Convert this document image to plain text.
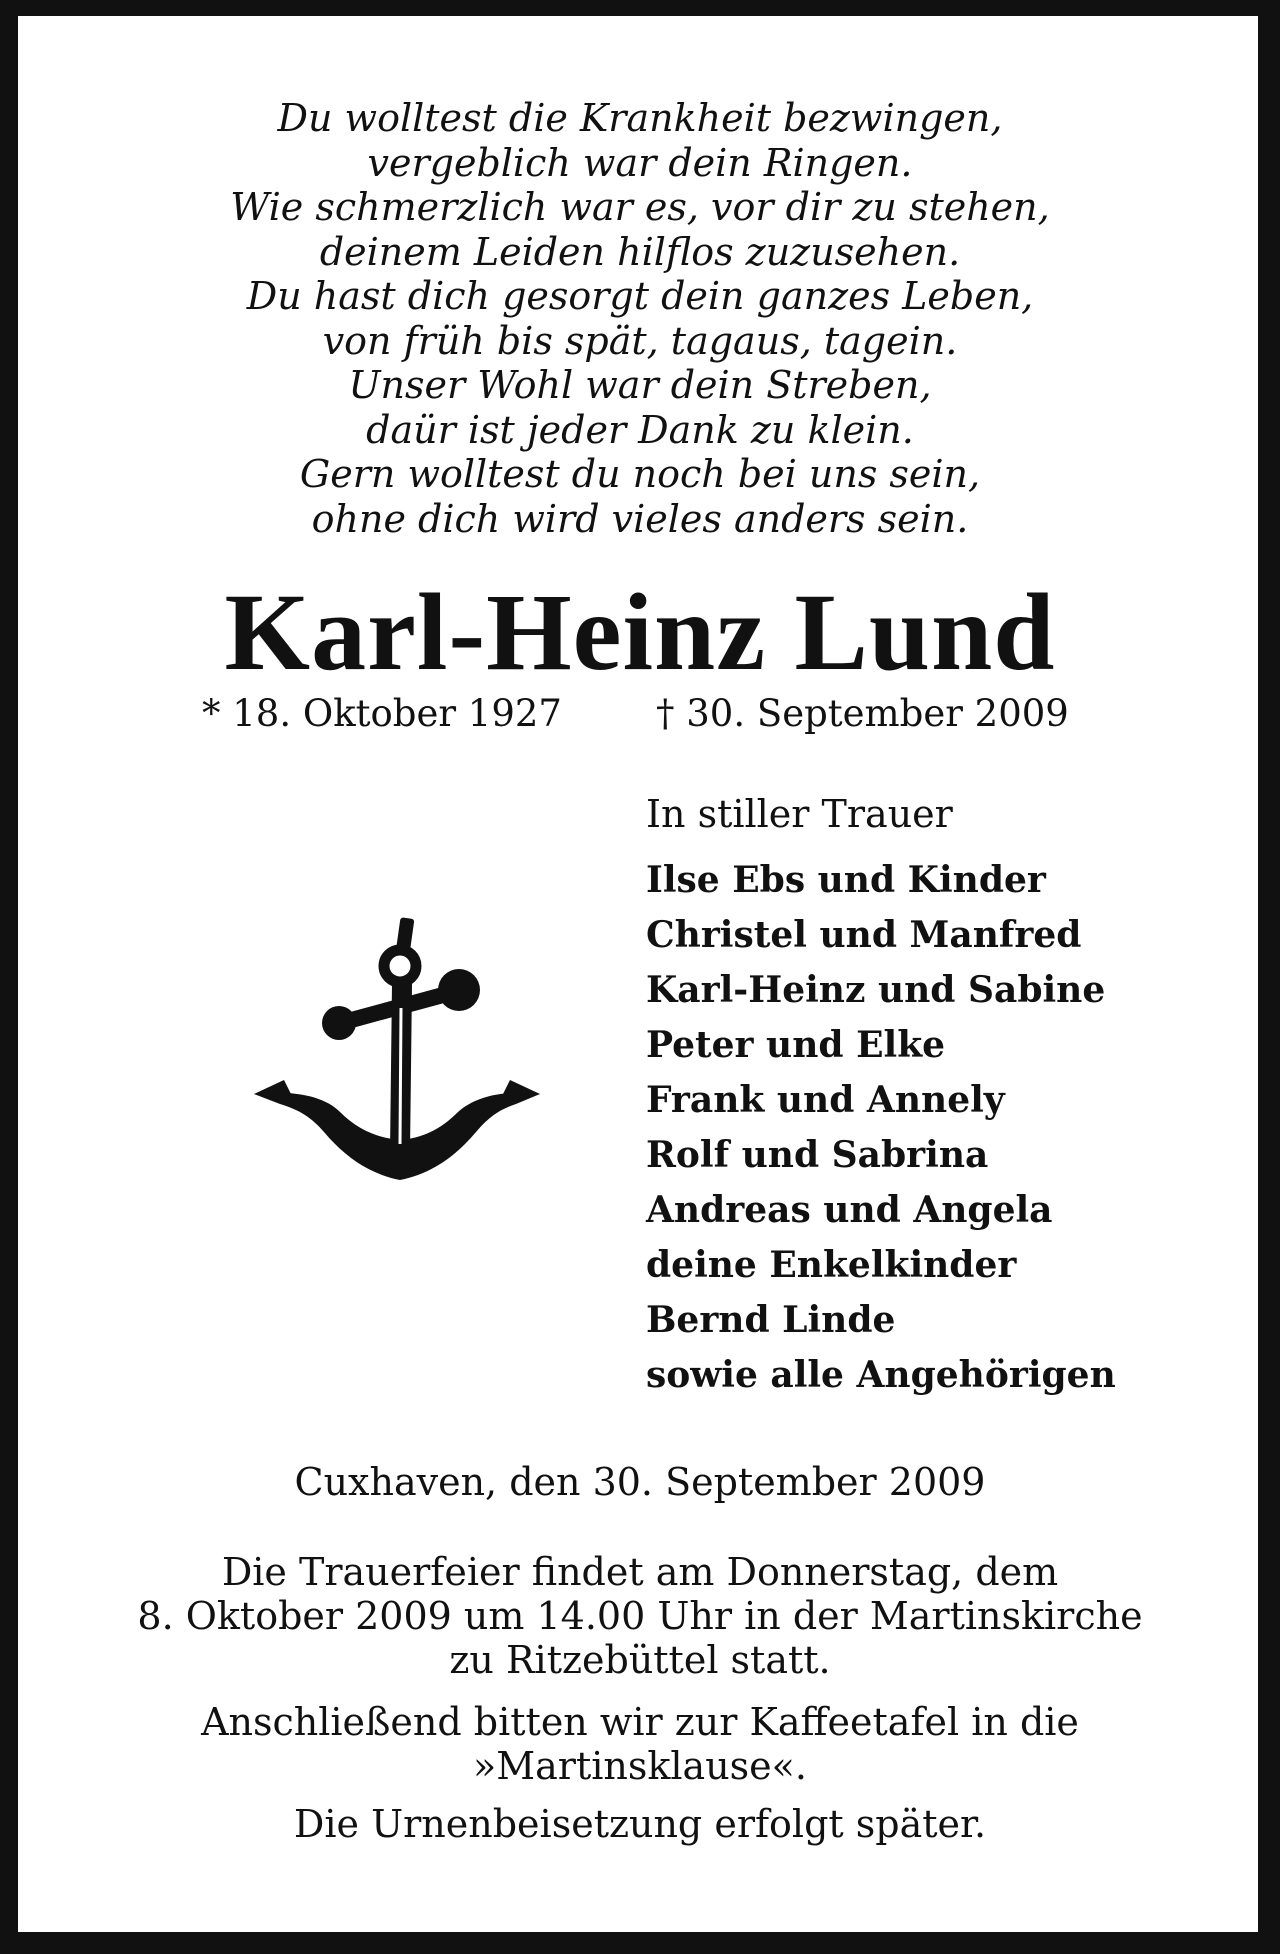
Du wolltest die Krankheit bezwingen,
vergeblich war dein Ringen.
Wie schmerzlich war es, vor dir zu stehen,
deinem Leiden hilflos zuzusehen.
Du hast dich gesorgt dein ganzes Leben,
von früh bis spät, tagaus, tagein.
Unser Wohl war dein Streben,
daür ist jeder Dank zu klein.
Gern wolltest du noch bei uns sein,
ohne dich wird vieles anders sein.
Karl-Heinz Lund
* 18. Oktober 1927	† 30. September 2009
In stiller Trauer
Ilse Ebs und Kinder
Christel und Manfred
Karl-Heinz und Sabine
Peter und Elke
Frank und Annely
Rolf und Sabrina
Andreas und Angela
deine Enkelkinder
Bernd Linde
sowie alle Angehörigen
Cuxhaven, den 30. September 2009
Die Trauerfeier findet am Donnerstag, dem
8. Oktober 2009 um 14.00 Uhr in der Martinskirche
zu Ritzebüttel statt.
Anschließend bitten wir zur Kaffeetafel in die
»Martinsklause«.
Die Urnenbeisetzung erfolgt später.
